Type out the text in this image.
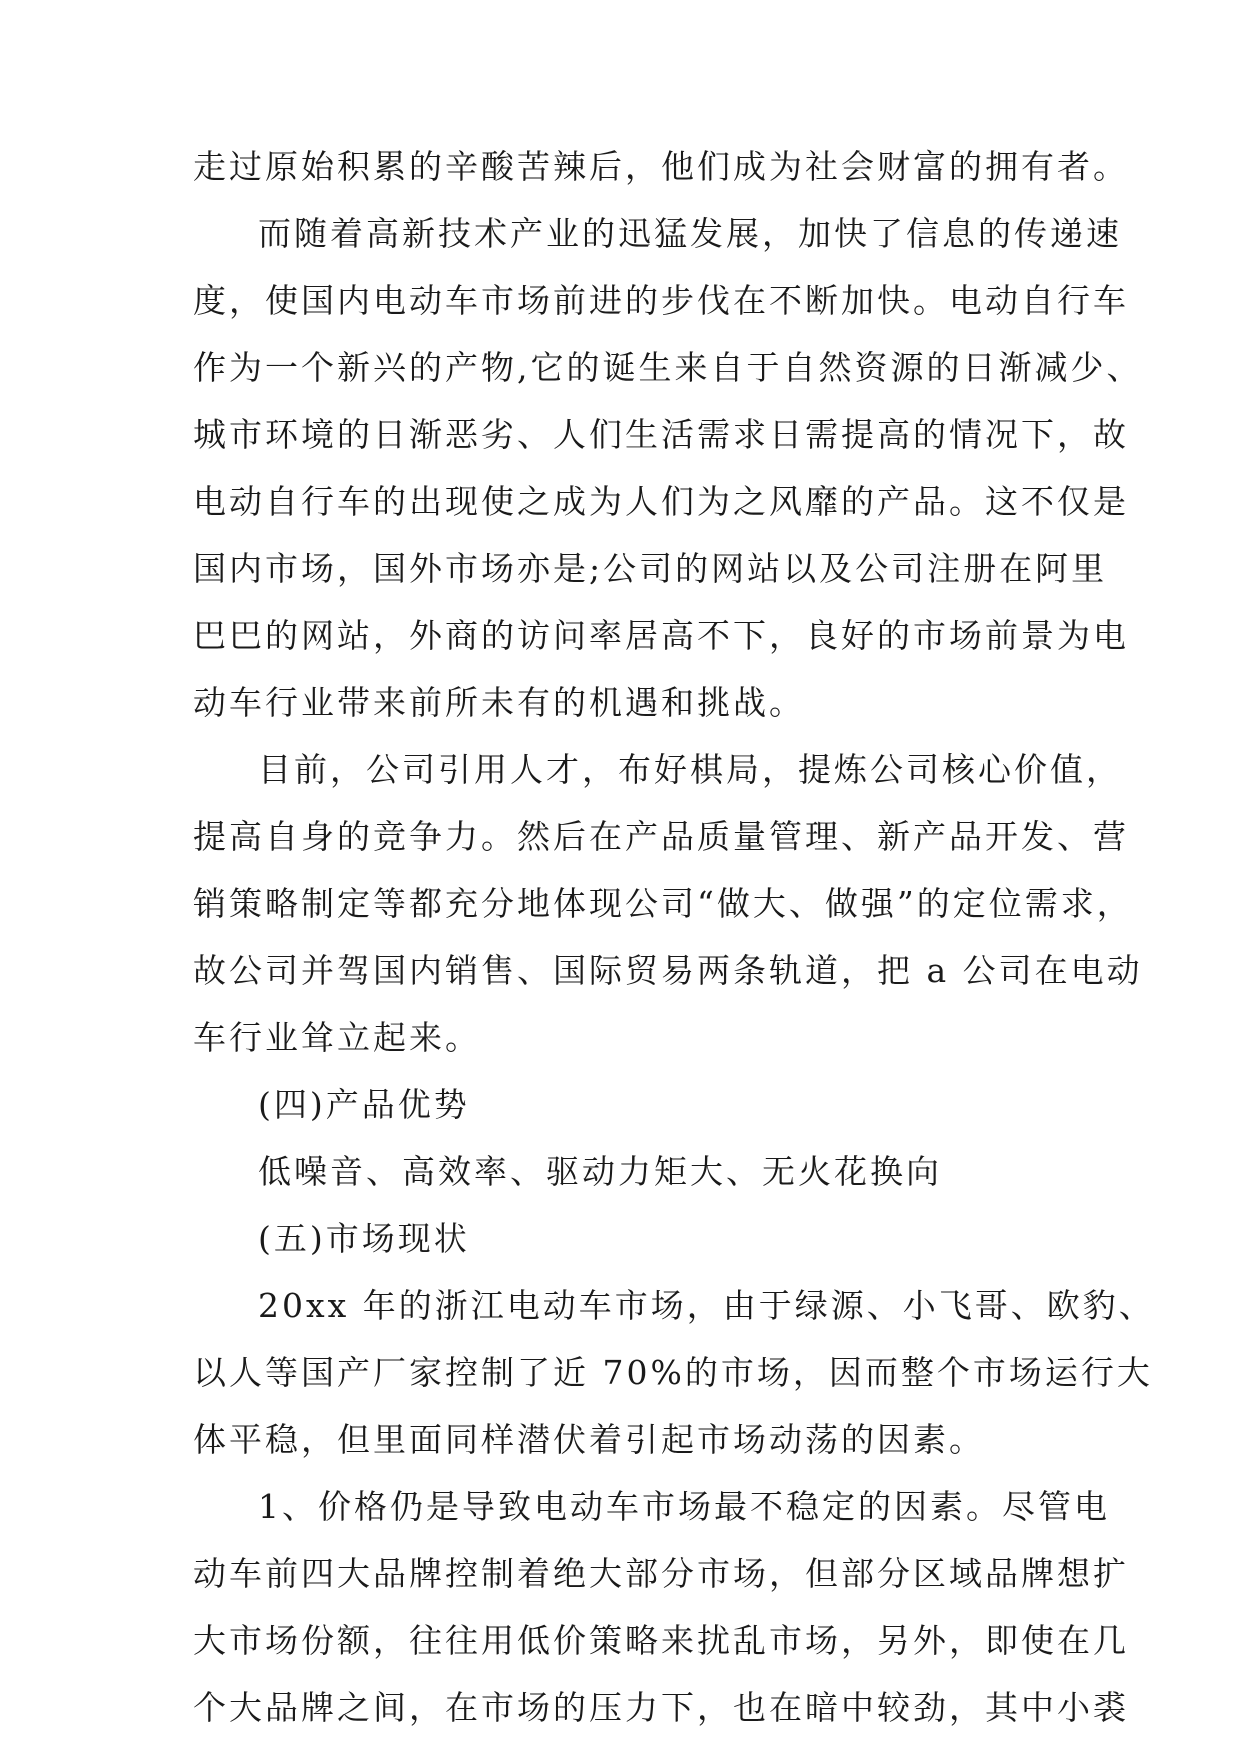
走过原始积累的辛酸苦辣后，他们成为社会财富的拥有者。
而随着高新技术产业的迅猛发展，加快了信息的传递速
度，使国内电动车市场前进的步伐在不断加快。电动自行车
作为一个新兴的产物,它的诞生来自于自然资源的日渐减少、
城市环境的日渐恶劣、人们生活需求日需提高的情况下，故
电动自行车的出现使之成为人们为之风靡的产品。这不仅是
国内市场，国外市场亦是;公司的网站以及公司注册在阿里
巴巴的网站，外商的访问率居高不下，良好的市场前景为电
动车行业带来前所未有的机遇和挑战。
目前，公司引用人才，布好棋局，提炼公司核心价值，
提高自身的竞争力。然后在产品质量管理、新产品开发、营
销策略制定等都充分地体现公司“做大、做强”的定位需求，
故公司并驾国内销售、国际贸易两条轨道，把 a 公司在电动
车行业耸立起来。
(四)产品优势
低噪音、高效率、驱动力矩大、无火花换向
(五)市场现状
20xx 年的浙江电动车市场，由于绿源、小飞哥、欧豹、
以人等国产厂家控制了近 70%的市场，因而整个市场运行大
体平稳，但里面同样潜伏着引起市场动荡的因素。
1、价格仍是导致电动车市场最不稳定的因素。尽管电
动车前四大品牌控制着绝大部分市场，但部分区域品牌想扩
大市场份额，往往用低价策略来扰乱市场，另外，即使在几
个大品牌之间，在市场的压力下，也在暗中较劲，其中小裘
